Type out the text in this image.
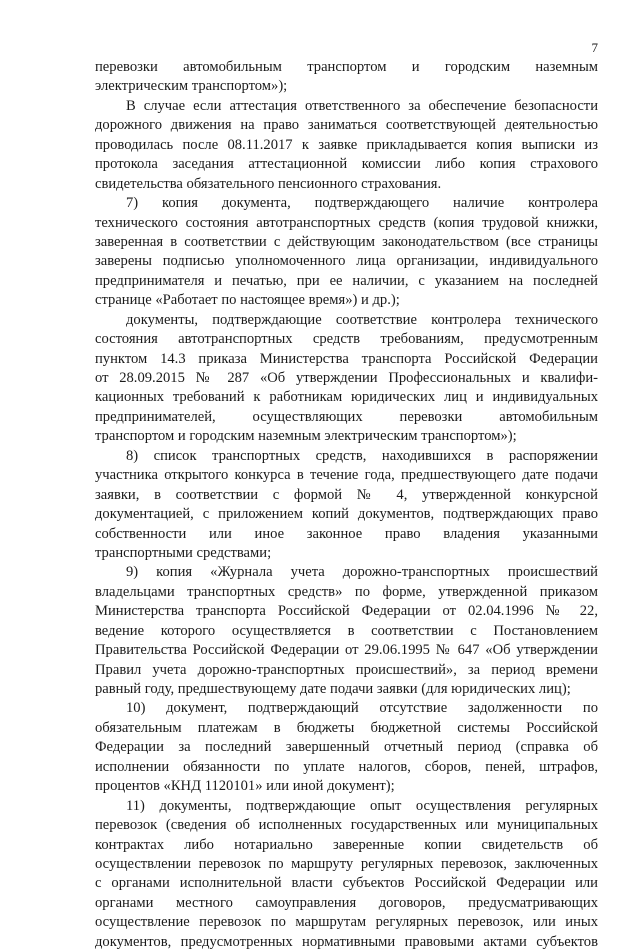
7
перевозки автомобильным транспортом и городским наземным
электрическим транспортом»);
В случае если аттестация ответственного за обеспечение безопасности
дорожного движения на право заниматься соответствующей деятельностью
проводилась после 08.11.2017 к заявке прикладывается копия выписки из
протокола заседания аттестационной комиссии либо копия страхового
свидетельства обязательного пенсионного страхования.
7) копия документа, подтверждающего наличие контролера
технического состояния автотранспортных средств (копия трудовой книжки,
заверенная в соответствии с действующим законодательством (все страницы
заверены подписью уполномоченного лица организации, индивидуального
предпринимателя и печатью, при ее наличии, с указанием на последней
странице «Работает по настоящее время») и др.);
документы, подтверждающие соответствие контролера технического
состояния автотранспортных средств требованиям, предусмотренным
пунктом 14.3 приказа Министерства транспорта Российской Федерации
от 28.09.2015 № 287 «Об утверждении Профессиональных и квалифи-
кационных требований к работникам юридических лиц и индивидуальных
предпринимателей, осуществляющих перевозки автомобильным
транспортом и городским наземным электрическим транспортом»);
8) список транспортных средств, находившихся в распоряжении
участника открытого конкурса в течение года, предшествующего дате подачи
заявки, в соответствии с формой № 4, утвержденной конкурсной
документацией, с приложением копий документов, подтверждающих право
собственности или иное законное право владения указанными
транспортными средствами;
9) копия «Журнала учета дорожно-транспортных происшествий
владельцами транспортных средств» по форме, утвержденной приказом
Министерства транспорта Российской Федерации от 02.04.1996 № 22,
ведение которого осуществляется в соответствии с Постановлением
Правительства Российской Федерации от 29.06.1995 № 647 «Об утверждении
Правил учета дорожно-транспортных происшествий», за период времени
равный году, предшествующему дате подачи заявки (для юридических лиц);
10) документ, подтверждающий отсутствие задолженности по
обязательным платежам в бюджеты бюджетной системы Российской
Федерации за последний завершенный отчетный период (справка об
исполнении обязанности по уплате налогов, сборов, пеней, штрафов,
процентов «КНД 1120101» или иной документ);
11) документы, подтверждающие опыт осуществления регулярных
перевозок (сведения об исполненных государственных или муниципальных
контрактах либо нотариально заверенные копии свидетельств об
осуществлении перевозок по маршруту регулярных перевозок, заключенных
с органами исполнительной власти субъектов Российской Федерации или
органами местного самоуправления договоров, предусматривающих
осуществление перевозок по маршрутам регулярных перевозок, или иных
документов, предусмотренных нормативными правовыми актами субъектов
